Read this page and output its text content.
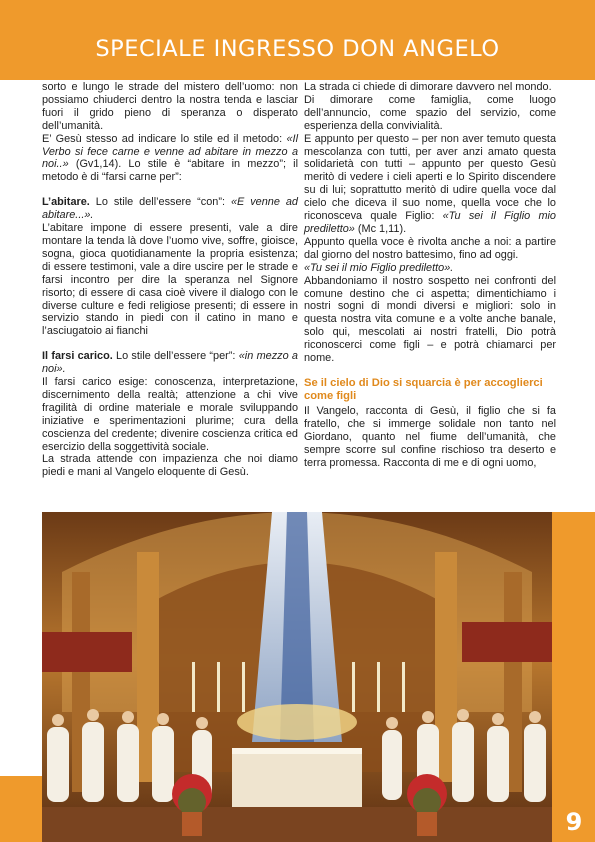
SPECIALE INGRESSO DON ANGELO

sorto e lungo le strade del mistero dell’uomo: non possiamo chiuderci dentro la nostra tenda e lasciar fuori il grido pieno di speranza o disperato dell’umanità.

E’ Gesù stesso ad indicare lo stile ed il metodo: «Il Verbo si fece carne e venne ad abitare in mezzo a noi..» (Gv1,14). Lo stile è “abitare in mezzo”; il metodo è di “farsi carne per”:

L’abitare. Lo stile dell’essere “con”: «E venne ad abitare...».

L’abitare impone di essere presenti, vale a dire montare la tenda là dove l’uomo vive, soffre, gioisce, sogna, gioca quotidianamente la propria esistenza; di essere testimoni, vale a dire uscire per le strade e farsi incontro per dire la speranza nel Signore risorto; di essere di casa cioè vivere il dialogo con le diverse culture e fedi religiose presenti; di essere in servizio stando in piedi con il catino in mano e l’asciugatoio ai fianchi

Il farsi carico. Lo stile dell’essere “per”: «in mezzo a noi».

Il farsi carico esige: conoscenza, interpretazione, discernimento della realtà; attenzione a chi vive fragilità di ordine materiale e morale sviluppando iniziative e sperimentazioni plurime; cura della coscienza del credente; divenire coscienza critica ed esercizio della soggettività sociale.

La strada attende con impazienza che noi diamo piedi e mani al Vangelo eloquente di Gesù.

La strada ci chiede di dimorare davvero nel mondo.

Di dimorare come famiglia, come luogo dell’annuncio, come spazio del servizio, come esperienza della convivialità.

E appunto per questo – per non aver temuto questa mescolanza con tutti, per aver anzi amato questa solidarietà con tutti – appunto per questo Gesù meritò di vedere i cieli aperti e lo Spirito discendere su di lui; soprattutto meritò di udire quella voce dal cielo che diceva il suo nome, quella voce che lo riconosceva quale Figlio: «Tu sei il Figlio mio prediletto» (Mc 1,11).

Appunto quella voce è rivolta anche a noi: a partire dal giorno del nostro battesimo, fino ad oggi.

«Tu sei il mio Figlio prediletto».

Abbandoniamo il nostro sospetto nei confronti del comune destino che ci aspetta; dimentichiamo i nostri sogni di mondi diversi e migliori: solo in questa nostra vita comune e a volte anche banale, solo qui, mescolati ai nostri fratelli, Dio potrà riconoscerci come figli – e potrà chiamarci per nome.

Se il cielo di Dio si squarcia è per accoglierci come figli

Il Vangelo, racconta di Gesù, il figlio che si fa fratello, che si immerge solidale non tanto nel Giordano, quanto nel fiume dell’umanità, che sempre scorre sul confine rischioso tra deserto e terra promessa. Racconta di me e di ogni uomo,

9
